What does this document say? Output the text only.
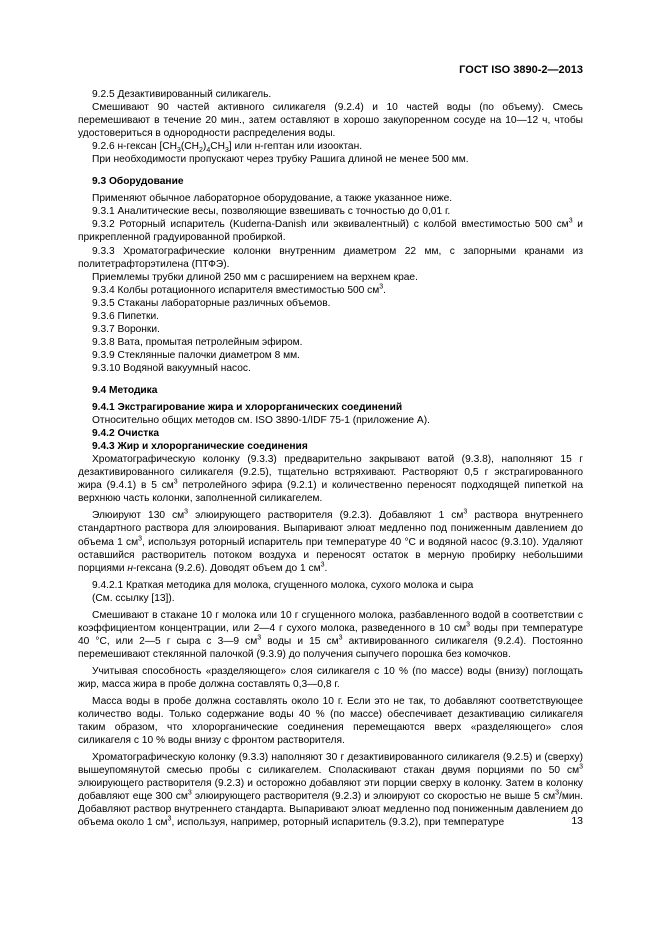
ГОСТ ISO 3890-2—2013

9.2.5 Дезактивированный силикагель.

Смешивают 90 частей активного силикагеля (9.2.4) и 10 частей воды (по объему). Смесь перемешивают в течение 20 мин., затем оставляют в хорошо закупоренном сосуде на 10—12 ч, чтобы удостовериться в однородности распределения воды.

9.2.6 н-гексан $[CH_3(CH_2)_4CH_3]$ или н-гептан или изооктан.

При необходимости пропускают через трубку Рашига длиной не менее 500 мм.

9.3 Оборудование

Применяют обычное лабораторное оборудование, а также указанное ниже.

9.3.1 Аналитические весы, позволяющие взвешивать с точностью до 0,01 г.

9.3.2 Роторный испаритель (Kuderna-Danish или эквивалентный) с колбой вместимостью 500 $см^3$ и прикрепленной градуированной пробиркой.

9.3.3 Хроматографические колонки внутренним диаметром 22 мм, с запорными кранами из политетрафторэтилена (ПТФЭ).

Приемлемы трубки длиной 250 мм с расширением на верхнем крае.

9.3.4 Колбы ротационного испарителя вместимостью 500 $см^3$.

9.3.5 Стаканы лабораторные различных объемов.

9.3.6 Пипетки.

9.3.7 Воронки.

9.3.8 Вата, промытая петролейным эфиром.

9.3.9 Стеклянные палочки диаметром 8 мм.

9.3.10 Водяной вакуумный насос.

9.4 Методика

9.4.1 Экстрагирование жира и хлорорганических соединений

Относительно общих методов см. ISO 3890-1/IDF 75-1 (приложение А).

9.4.2 Очистка

9.4.3 Жир и хлорорганические соединения

Хроматографическую колонку (9.3.3) предварительно закрывают ватой (9.3.8), наполняют 15 г дезактивированного силикагеля (9.2.5), тщательно встряхивают. Растворяют 0,5 г экстрагированного жира (9.4.1) в 5 $см^3$ петролейного эфира (9.2.1) и количественно переносят подходящей пипеткой на верхнюю часть колонки, заполненной силикагелем.

Элюируют 130 $см^3$ элюирующего растворителя (9.2.3). Добавляют 1 $см^3$ раствора внутреннего стандартного раствора для элюирования. Выпаривают элюат медленно под пониженным давлением до объема 1 $см^3$, используя роторный испаритель при температуре 40 °С и водяной насос (9.3.10). Удаляют оставшийся растворитель потоком воздуха и переносят остаток в мерную пробирку небольшими порциями н-гексана (9.2.6). Доводят объем до 1 $см^3$.

9.4.2.1 Краткая методика для молока, сгущенного молока, сухого молока и сыра

(См. ссылку [13]).

Смешивают в стакане 10 г молока или 10 г сгущенного молока, разбавленного водой в соответствии с коэффициентом концентрации, или 2—4 г сухого молока, разведенного в 10 $см^3$ воды при температуре 40 °С, или 2—5 г сыра с 3—9 $см^3$ воды и 15 $см^3$ активированного силикагеля (9.2.4). Постоянно перемешивают стеклянной палочкой (9.3.9) до получения сыпучего порошка без комочков.

Учитывая способность «разделяющего» слоя силикагеля с 10 % (по массе) воды (внизу) поглощать жир, масса жира в пробе должна составлять 0,3—0,8 г.

Масса воды в пробе должна составлять около 10 г. Если это не так, то добавляют соответствующее количество воды. Только содержание воды 40 % (по массе) обеспечивает дезактивацию силикагеля таким образом, что хлорорганические соединения перемещаются вверх «разделяющего» слоя силикагеля с 10 % воды внизу с фронтом растворителя.

Хроматографическую колонку (9.3.3) наполняют 30 г дезактивированного силикагеля (9.2.5) и (сверху) вышеупомянутой смесью пробы с силикагелем. Споласкивают стакан двумя порциями по 50 $см^3$ элюирующего растворителя (9.2.3) и осторожно добавляют эти порции сверху в колонку. Затем в колонку добавляют еще 300 $см^3$ элюирующего растворителя (9.2.3) и элюируют со скоростью не выше 5 $см^3$/мин. Добавляют раствор внутреннего стандарта. Выпаривают элюат медленно под пониженным давлением до объема около 1 $см^3$, используя, например, роторный испаритель (9.3.2), при температуре	13
